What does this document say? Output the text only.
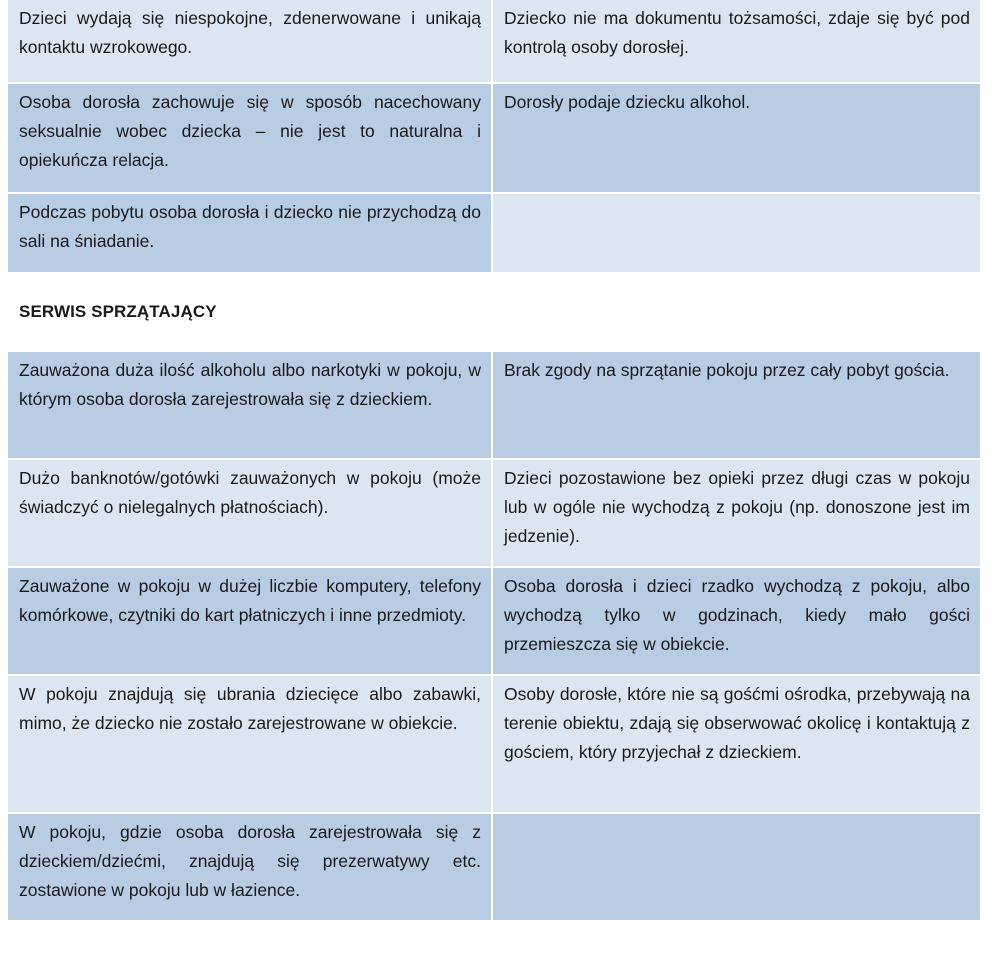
Dzieci wydają się niespokojne, zdenerwowane i unikają kontaktu wzrokowego.
Dziecko nie ma dokumentu tożsamości, zdaje się być pod kontrolą osoby dorosłej.
Osoba dorosła zachowuje się w sposób nacechowany seksualnie wobec dziecka – nie jest to naturalna i opiekuńcza relacja.
Dorosły podaje dziecku alkohol.
Podczas pobytu osoba dorosła i dziecko nie przychodzą do sali na śniadanie.
SERWIS SPRZĄTAJĄCY
Zauważona duża ilość alkoholu albo narkotyki w pokoju, w którym osoba dorosła zarejestrowała się z dzieckiem.
Brak zgody na sprzątanie pokoju przez cały pobyt gościa.
Dużo banknotów/gotówki zauważonych w pokoju (może świadczyć o nielegalnych płatnościach).
Dzieci pozostawione bez opieki przez długi czas w pokoju lub w ogóle nie wychodzą z pokoju (np. donoszone jest im jedzenie).
Zauważone w pokoju w dużej liczbie komputery, telefony komórkowe, czytniki do kart płatniczych i inne przedmioty.
Osoba dorosła i dzieci rzadko wychodzą z pokoju, albo wychodzą tylko w godzinach, kiedy mało gości przemieszcza się w obiekcie.
W pokoju znajdują się ubrania dziecięce albo zabawki, mimo, że dziecko nie zostało zarejestrowane w obiekcie.
Osoby dorosłe, które nie są gośćmi ośrodka, przebywają na terenie obiektu, zdają się obserwować okolicę i kontaktują z gościem, który przyjechał z dzieckiem.
W pokoju, gdzie osoba dorosła zarejestrowała się z dzieckiem/dziećmi, znajdują się prezerwatywy etc. zostawione w pokoju lub w łazience.
